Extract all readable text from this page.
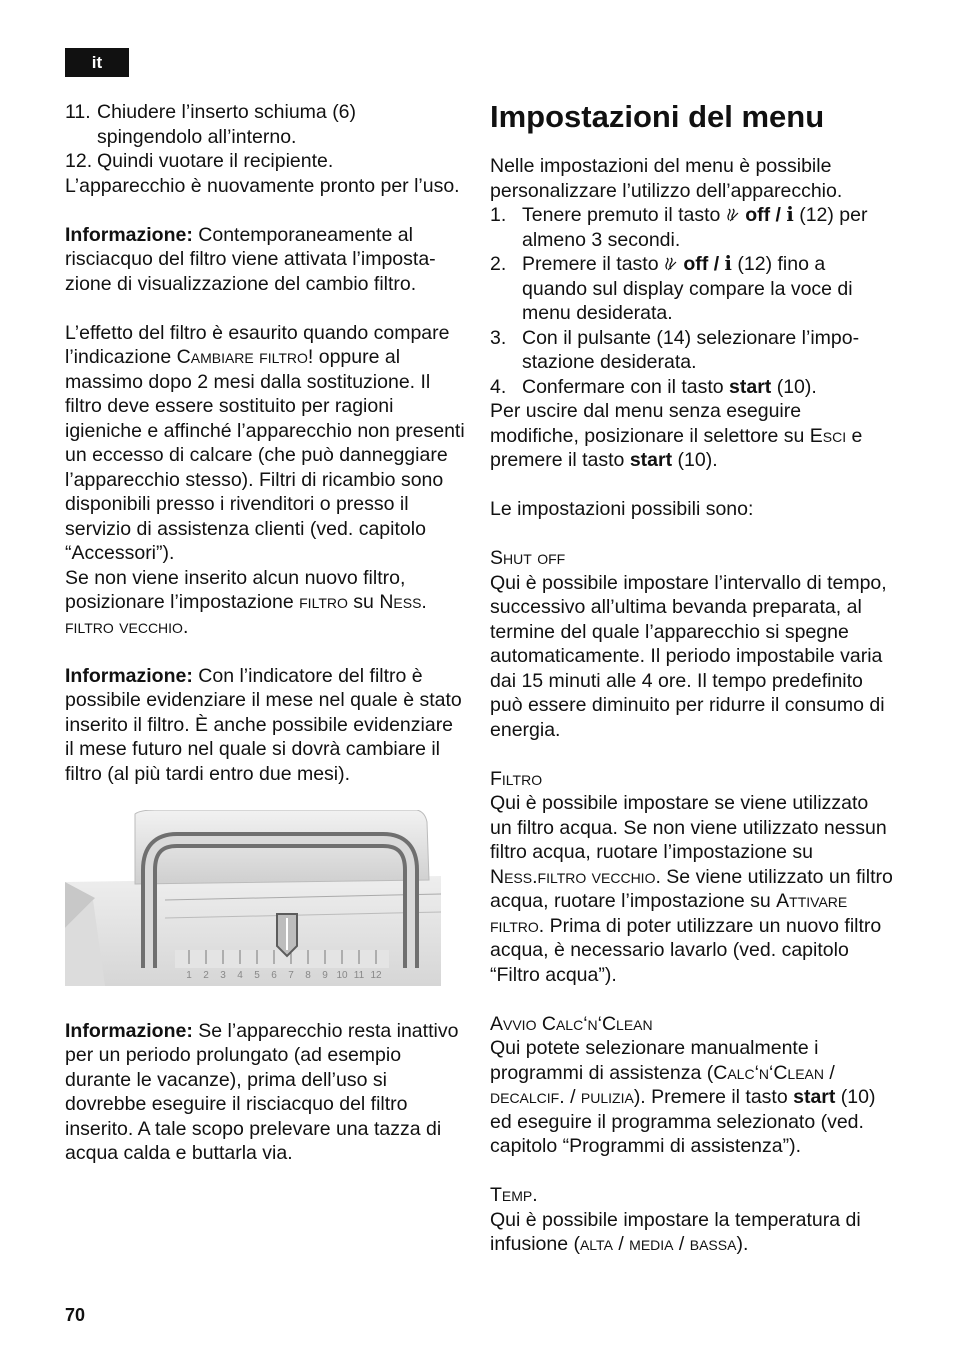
it
11. Chiudere l’inserto schiuma (6) spingendolo all’interno.
12. Quindi vuotare il recipiente.

L’apparecchio è nuovamente pronto per l’uso.

Informazione: Contemporaneamente al risciacquo del filtro viene attivata l’impostazione di visualizzazione del cambio filtro.

L’effetto del filtro è esaurito quando compare l’indicazione Cambiare filtro! oppure al massimo dopo 2 mesi dalla sostituzione. Il filtro deve essere sostituito per ragioni igieniche e affinché l’apparecchio non presenti un eccesso di calcare (che può danneggiare l’apparecchio stesso). Filtri di ricambio sono disponibili presso i rivenditori o presso il servizio di assistenza clienti (ved. capitolo “Accessori”).

Se non viene inserito alcun nuovo filtro, posizionare l’impostazione filtro su Ness. filtro vecchio.

Informazione: Con l’indicatore del filtro è possibile evidenziare il mese nel quale è stato inserito il filtro. È anche possibile evidenziare il mese futuro nel quale si dovrà cambiare il filtro (al più tardi entro due mesi).

1 2 3 4 5 6 7 8 9 10 11 12

Informazione: Se l’apparecchio resta inattivo per un periodo prolungato (ad esempio durante le vacanze), prima dell’uso si dovrebbe eseguire il risciacquo del filtro inserito. A tale scopo prelevare una tazza di acqua calda e buttarla via.

Impostazioni del menu

Nelle impostazioni del menu è possibile personalizzare l’utilizzo dell’apparecchio.

1. Tenere premuto il tasto  off / i (12) per almeno 3 secondi.
2. Premere il tasto  off / i (12) fino a quando sul display compare la voce di menu desiderata.
3. Con il pulsante (14) selezionare l’impostazione desiderata.
4. Confermare con il tasto start (10).

Per uscire dal menu senza eseguire modifiche, posizionare il selettore su Esci e premere il tasto start (10).

Le impostazioni possibili sono:

Shut off

Qui è possibile impostare l’intervallo di tempo, successivo all’ultima bevanda preparata, al termine del quale l’apparecchio si spegne automaticamente. Il periodo impostabile varia dai 15 minuti alle 4 ore. Il tempo predefinito può essere diminuito per ridurre il consumo di energia.

Filtro

Qui è possibile impostare se viene utilizzato un filtro acqua. Se non viene utilizzato nessun filtro acqua, ruotare l’impostazione su Ness.filtro vecchio. Se viene utilizzato un filtro acqua, ruotare l’impostazione su Attivare filtro. Prima di poter utilizzare un nuovo filtro acqua, è necessario lavarlo (ved. capitolo “Filtro acqua”).

Avvio Calc‘n‘Clean

Qui potete selezionare manualmente i programmi di assistenza (Calc‘n‘Clean / decalcif. / pulizia). Premere il tasto start (10) ed eseguire il programma selezionato (ved. capitolo “Programmi di assistenza”).

Temp.

Qui è possibile impostare la temperatura di infusione (alta / media / bassa).

70
